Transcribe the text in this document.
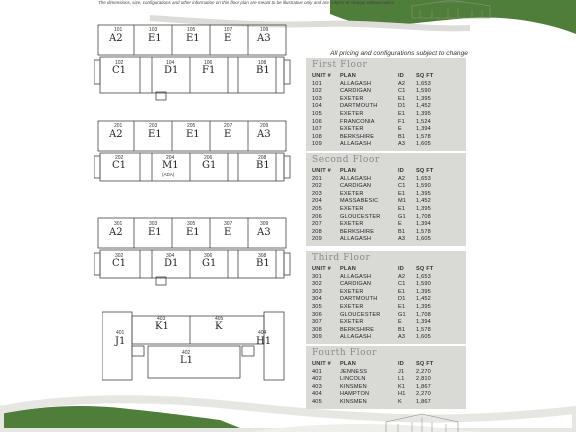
The dimensions, size, configurations and other information on this floor plan are meant to be illustrative only and are subject to change without notice.
All pricing and configurations subject to change
101
A2
103
E1
105
E1
107
E
109
A3
102
C1
104
D1
106
F1
108
B1
201
A2
203
E1
205
E1
207
E
209
A3
202
C1
204
M1
(ADA)
206
G1
208
B1
301
A2
303
E1
305
E1
307
E
309
A3
302
C1
304
D1
306
G1
308
B1
403
K1
405
K
401
J1
404
H1
402
L1
First Floor
UNIT #	PLAN	ID	SQ FT
101	ALLAGASH	A2	1,653
102	CARDIGAN	C1	1,590
103	EXETER	E1	1,395
104	DARTMOUTH	D1	1,452
105	EXETER	E1	1,395
106	FRANCONIA	F1	1,524
107	EXETER	E	1,394
108	BERKSHIRE	B1	1,578
109	ALLAGASH	A3	1,605
Second Floor
UNIT #	PLAN	ID	SQ FT
201	ALLAGASH	A2	1,653
202	CARDIGAN	C1	1,590
203	EXETER	E1	1,395
204	MASSABESIC	M1	1,452
205	EXETER	E1	1,395
206	GLOUCESTER	G1	1,708
207	EXETER	E	1,394
208	BERKSHIRE	B1	1,578
209	ALLAGASH	A3	1,605
Third Floor
UNIT #	PLAN	ID	SQ FT
301	ALLAGASH	A2	1,653
302	CARDIGAN	C1	1,590
303	EXETER	E1	1,395
304	DARTMOUTH	D1	1,452
305	EXETER	E1	1,395
306	GLOUCESTER	G1	1,708
307	EXETER	E	1,394
308	BERKSHIRE	B1	1,578
309	ALLAGASH	A3	1,605
Fourth Floor
UNIT #	PLAN	ID	SQ FT
401	JENNESS	J1	2,270
402	LINCOLN	L1	2,810
403	KINSMEN	K1	1,867
404	HAMPTON	H1	2,270
405	KINSMEN	K	1,867
